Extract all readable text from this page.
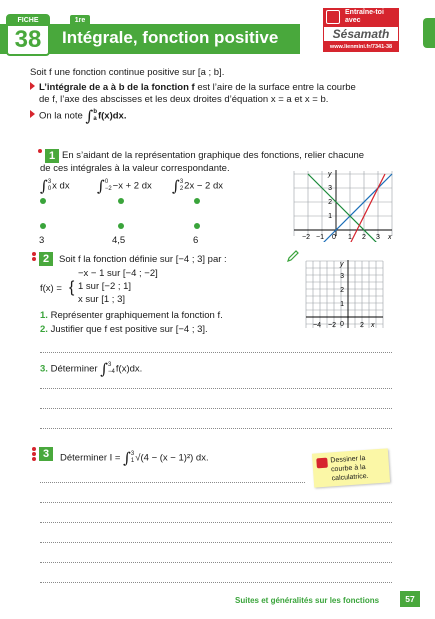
FICHE
38
1re
Intégrale, fonction positive
Entraîne-toi
avec
Sésamath
www.lienmini.fr/7341-38

Soit f une fonction continue positive sur [a ; b].

L’intégrale de a à b de la fonction f est l’aire de la surface entre la courbe
de f, l’axe des abscisses et les deux droites d’équation x = a et x = b.

On la note ∫b
af(x)dx.

1 En s’aidant de la représentation graphique des fonctions, relier chacune
de ces intégrales à la valeur correspondante.
∫3
0x dx ∫0
−2−x + 2 dx ∫3
22x − 2 dx
3	4,5	6	−2 −1	1 2 3
1
2
3
y
x
0
2	Soit f la fonction définie sur [−4 ; 3] par :
f(x) = {
−x − 1 sur [−4 ; −2]
1 sur [−2 ; 1]
x sur [1 ; 3]
1. Représenter graphiquement la fonction f.
2. Justifier que f est positive sur [−4 ; 3].	−4 −2	2
1
2
3
y
x
0
3. Déterminer ∫3
−4f(x)dx.
3	Déterminer I = ∫3
1√(4 − (x − 1)²) dx.	Dessiner la courbe à la calculatrice.
Suites et généralités sur les fonctions	57
